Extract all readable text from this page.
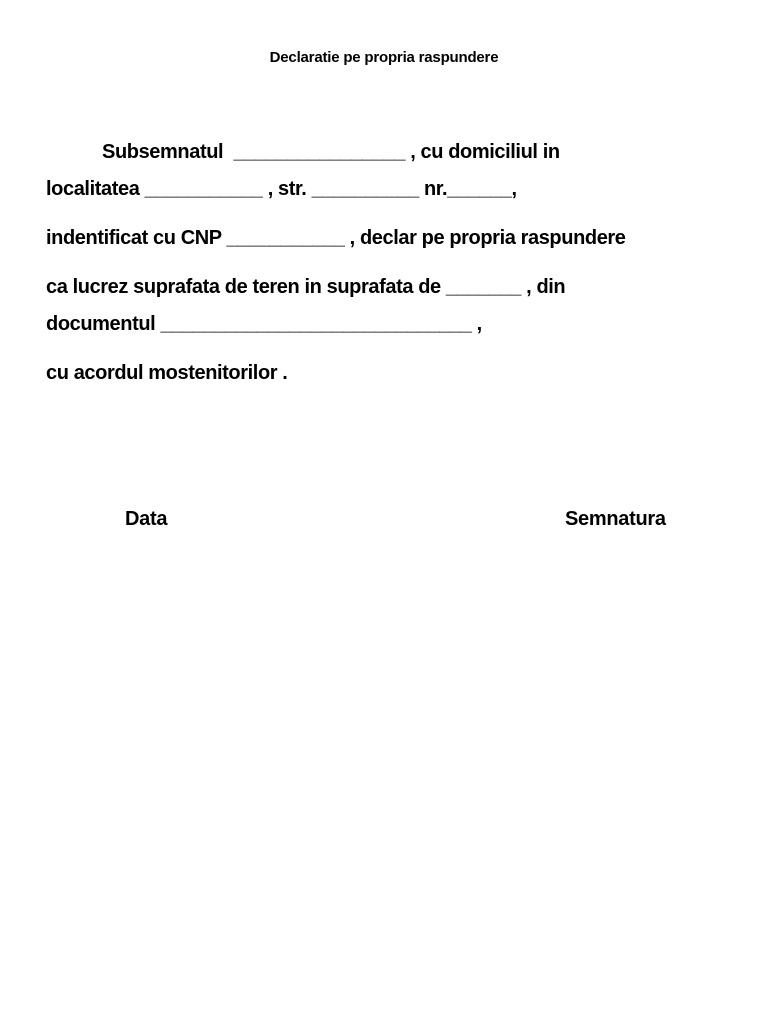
Declaratie pe propria raspundere
Subsemnatul  ________________ , cu domiciliul in
localitatea ___________ , str. __________ nr.______,
indentificat cu CNP ___________ , declar pe propria raspundere
ca lucrez suprafata de teren in suprafata de _______ , din
documentul _____________________________ ,
cu acordul mostenitorilor .
Data	Semnatura
